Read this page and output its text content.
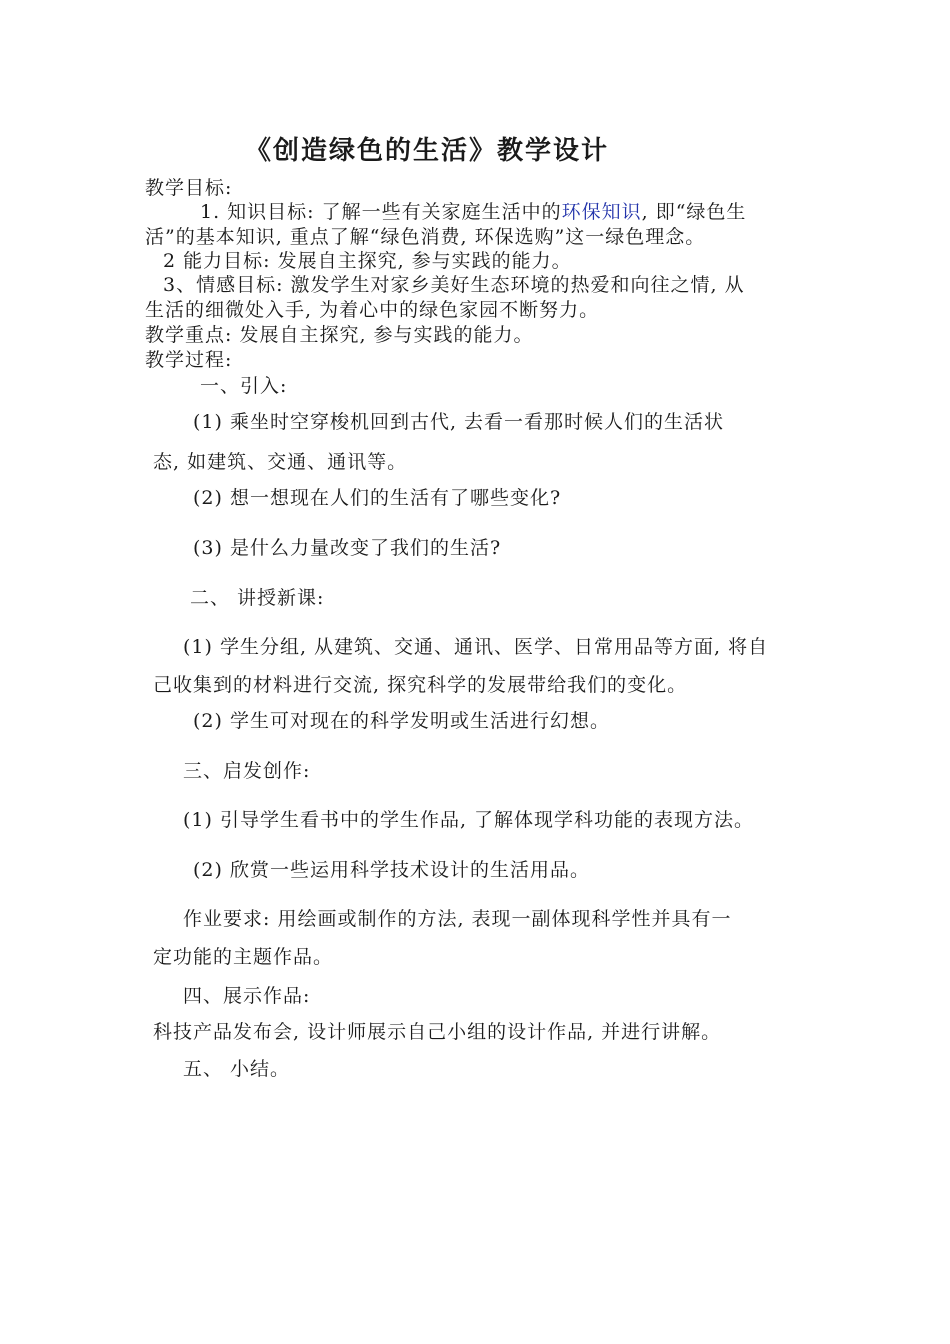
《创造绿色的生活》教学设计
教学目标:
1. 知识目标: 了解一些有关家庭生活中的环保知识, 即“绿色生
活”的基本知识, 重点了解“绿色消费, 环保选购”这一绿色理念。
2 能力目标: 发展自主探究, 参与实践的能力。
3、情感目标: 激发学生对家乡美好生态环境的热爱和向往之情, 从
生活的细微处入手, 为着心中的绿色家园不断努力。
教学重点: 发展自主探究, 参与实践的能力。
教学过程:
一、引入:
(1) 乘坐时空穿梭机回到古代, 去看一看那时候人们的生活状
态, 如建筑、交通、通讯等。
(2) 想一想现在人们的生活有了哪些变化?
(3) 是什么力量改变了我们的生活?
二、 讲授新课:
(1) 学生分组, 从建筑、交通、通讯、医学、日常用品等方面, 将自
己收集到的材料进行交流, 探究科学的发展带给我们的变化。
(2) 学生可对现在的科学发明或生活进行幻想。
三、启发创作:
(1) 引导学生看书中的学生作品, 了解体现学科功能的表现方法。
(2) 欣赏一些运用科学技术设计的生活用品。
作业要求: 用绘画或制作的方法, 表现一副体现科学性并具有一
定功能的主题作品。
四、展示作品:
科技产品发布会, 设计师展示自己小组的设计作品, 并进行讲解。
五、 小结。
